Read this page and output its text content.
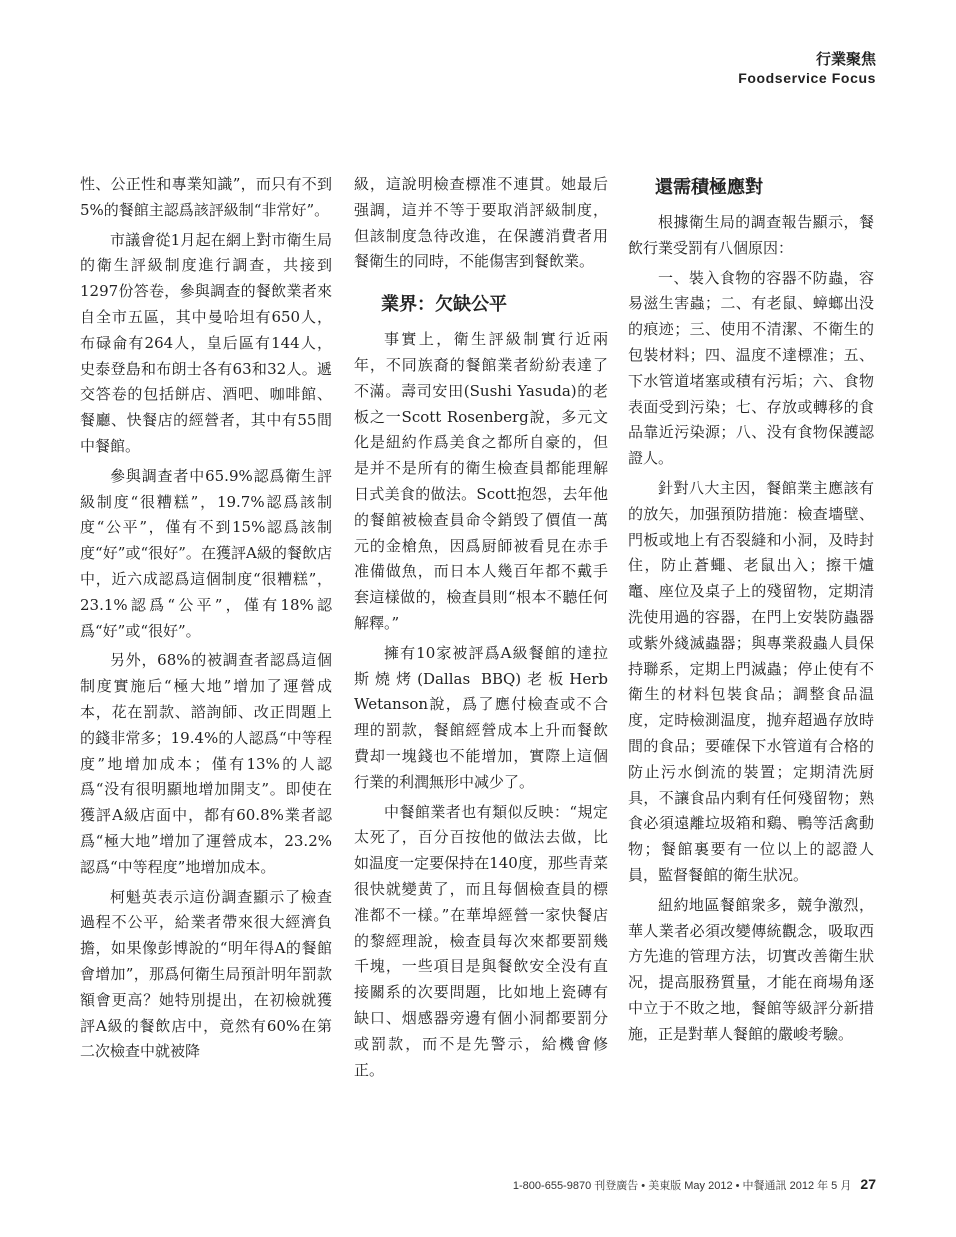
行業聚焦
Foodservice Focus

性、公正性和專業知識”，而只有不到5%的餐館主認爲該評級制“非常好”。

市議會從1月起在網上對市衛生局的衛生評級制度進行調查，共接到1297份答卷，參與調查的餐飲業者來自全市五區，其中曼哈坦有650人，布碌侖有264人，皇后區有144人，史泰登島和布朗士各有63和32人。遞交答卷的包括餅店、酒吧、咖啡館、餐廳、快餐店的經營者，其中有55間中餐館。

參與調查者中65.9%認爲衛生評級制度“很糟糕”，19.7%認爲該制度“公平”，僅有不到15%認爲該制度“好”或“很好”。在獲評A級的餐飲店中，近六成認爲這個制度“很糟糕”，23.1%認爲“公平”，僅有18%認爲“好”或“很好”。

另外，68%的被調查者認爲這個制度實施后“極大地”增加了運營成本，花在罰款、諮詢師、改正問題上的錢非常多；19.4%的人認爲“中等程度”地增加成本；僅有13%的人認爲“没有很明顯地增加開支”。即使在獲評A級店面中，都有60.8%業者認爲“極大地”增加了運營成本，23.2%認爲“中等程度”地增加成本。

柯魁英表示這份調查顯示了檢查過程不公平，給業者帶來很大經濟負擔，如果像彭博說的“明年得A的餐館會增加”，那爲何衛生局預計明年罰款額會更高？她特別提出，在初檢就獲評A級的餐飲店中，竟然有60%在第二次檢查中就被降

級，這說明檢查標准不連貫。她最后强調，這并不等于要取消評級制度，但該制度急待改進，在保護消費者用餐衛生的同時，不能傷害到餐飲業。

業界：欠缺公平

事實上，衛生評級制實行近兩年，不同族裔的餐館業者紛紛表達了不滿。壽司安田(Sushi Yasuda)的老板之一Scott Rosenberg說，多元文化是紐約作爲美食之都所自豪的，但是并不是所有的衛生檢查員都能理解日式美食的做法。Scott抱怨，去年他的餐館被檢查員命令銷毁了價值一萬元的金槍魚，因爲厨師被看見在赤手准備做魚，而日本人幾百年都不戴手套這樣做的，檢查員則“根本不聽任何解釋。”

擁有10家被評爲A級餐館的達拉斯燒烤(Dallas BBQ)老板Herb Wetanson說，爲了應付檢查或不合理的罰款，餐館經營成本上升而餐飲費却一塊錢也不能增加，實際上這個行業的利潤無形中减少了。

中餐館業者也有類似反映：“規定太死了，百分百按他的做法去做，比如温度一定要保持在140度，那些青菜很快就變黄了，而且每個檢查員的標准都不一樣。”在華埠經營一家快餐店的黎經理說，檢查員每次來都要罰幾千塊，一些項目是與餐飲安全没有直接關系的次要問題，比如地上瓷磚有缺口、烟感器旁邊有個小洞都要罰分或罰款，而不是先警示，給機會修正。

還需積極應對

根據衛生局的調查報告顯示，餐飲行業受罰有八個原因：

一、裝入食物的容器不防蟲，容易滋生害蟲；二、有老鼠、蟑螂出没的痕迹；三、使用不清潔、不衛生的包裝材料；四、温度不達標准；五、下水管道堵塞或積有污垢；六、食物表面受到污染；七、存放或轉移的食品靠近污染源；八、没有食物保護認證人。

針對八大主因，餐館業主應該有的放矢，加强預防措施：檢查墻壁、門板或地上有否裂縫和小洞，及時封住，防止蒼蠅、老鼠出入；擦干爐竈、座位及桌子上的殘留物，定期清洗使用過的容器，在門上安裝防蟲器或紫外綫滅蟲器；與專業殺蟲人員保持聯系，定期上門滅蟲；停止使有不衛生的材料包裝食品；調整食品温度，定時檢測温度，抛弃超過存放時間的食品；要確保下水管道有合格的防止污水倒流的裝置；定期清洗厨具，不讓食品内剩有任何殘留物；熟食必須遠離垃圾箱和鷄、鴨等活禽動物；餐館裏要有一位以上的認證人員，監督餐館的衛生狀况。

紐約地區餐館衆多，競争激烈，華人業者必須改變傳統觀念，吸取西方先進的管理方法，切實改善衛生狀况，提高服務質量，才能在商場角逐中立于不敗之地，餐館等級評分新措施，正是對華人餐館的嚴峻考驗。

1-800-655-9870 刊登廣告 • 美東版 May 2012 • 中餐通訊 2012 年 5 月 27
